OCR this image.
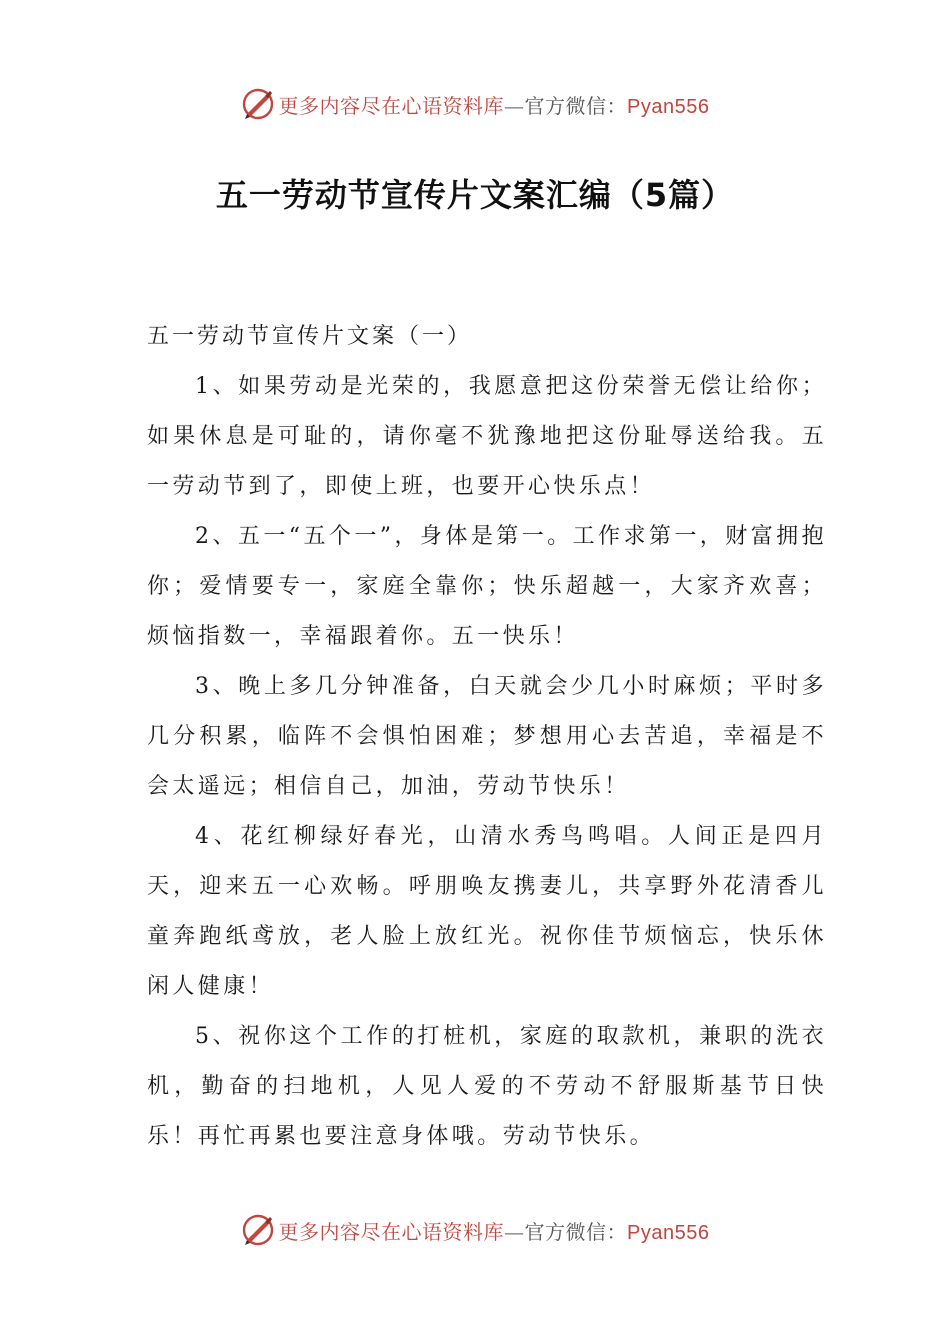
更多内容尽在心语资料库—官方微信：Pyan556
五一劳动节宣传片文案汇编（5篇）

五一劳动节宣传片文案（一）

1、如果劳动是光荣的，我愿意把这份荣誉无偿让给你；如果休息是可耻的，请你毫不犹豫地把这份耻辱送给我。五一劳动节到了，即使上班，也要开心快乐点！

2、五一“五个一”，身体是第一。工作求第一，财富拥抱你；爱情要专一，家庭全靠你；快乐超越一，大家齐欢喜；烦恼指数一，幸福跟着你。五一快乐！

3、晚上多几分钟准备，白天就会少几小时麻烦；平时多几分积累，临阵不会惧怕困难；梦想用心去苦追，幸福是不会太遥远；相信自己，加油，劳动节快乐！

4、花红柳绿好春光，山清水秀鸟鸣唱。人间正是四月天，迎来五一心欢畅。呼朋唤友携妻儿，共享野外花清香儿童奔跑纸鸢放，老人脸上放红光。祝你佳节烦恼忘，快乐休闲人健康！

5、祝你这个工作的打桩机，家庭的取款机，兼职的洗衣机，勤奋的扫地机，人见人爱的不劳动不舒服斯基节日快乐！再忙再累也要注意身体哦。劳动节快乐。

更多内容尽在心语资料库—官方微信：Pyan556
